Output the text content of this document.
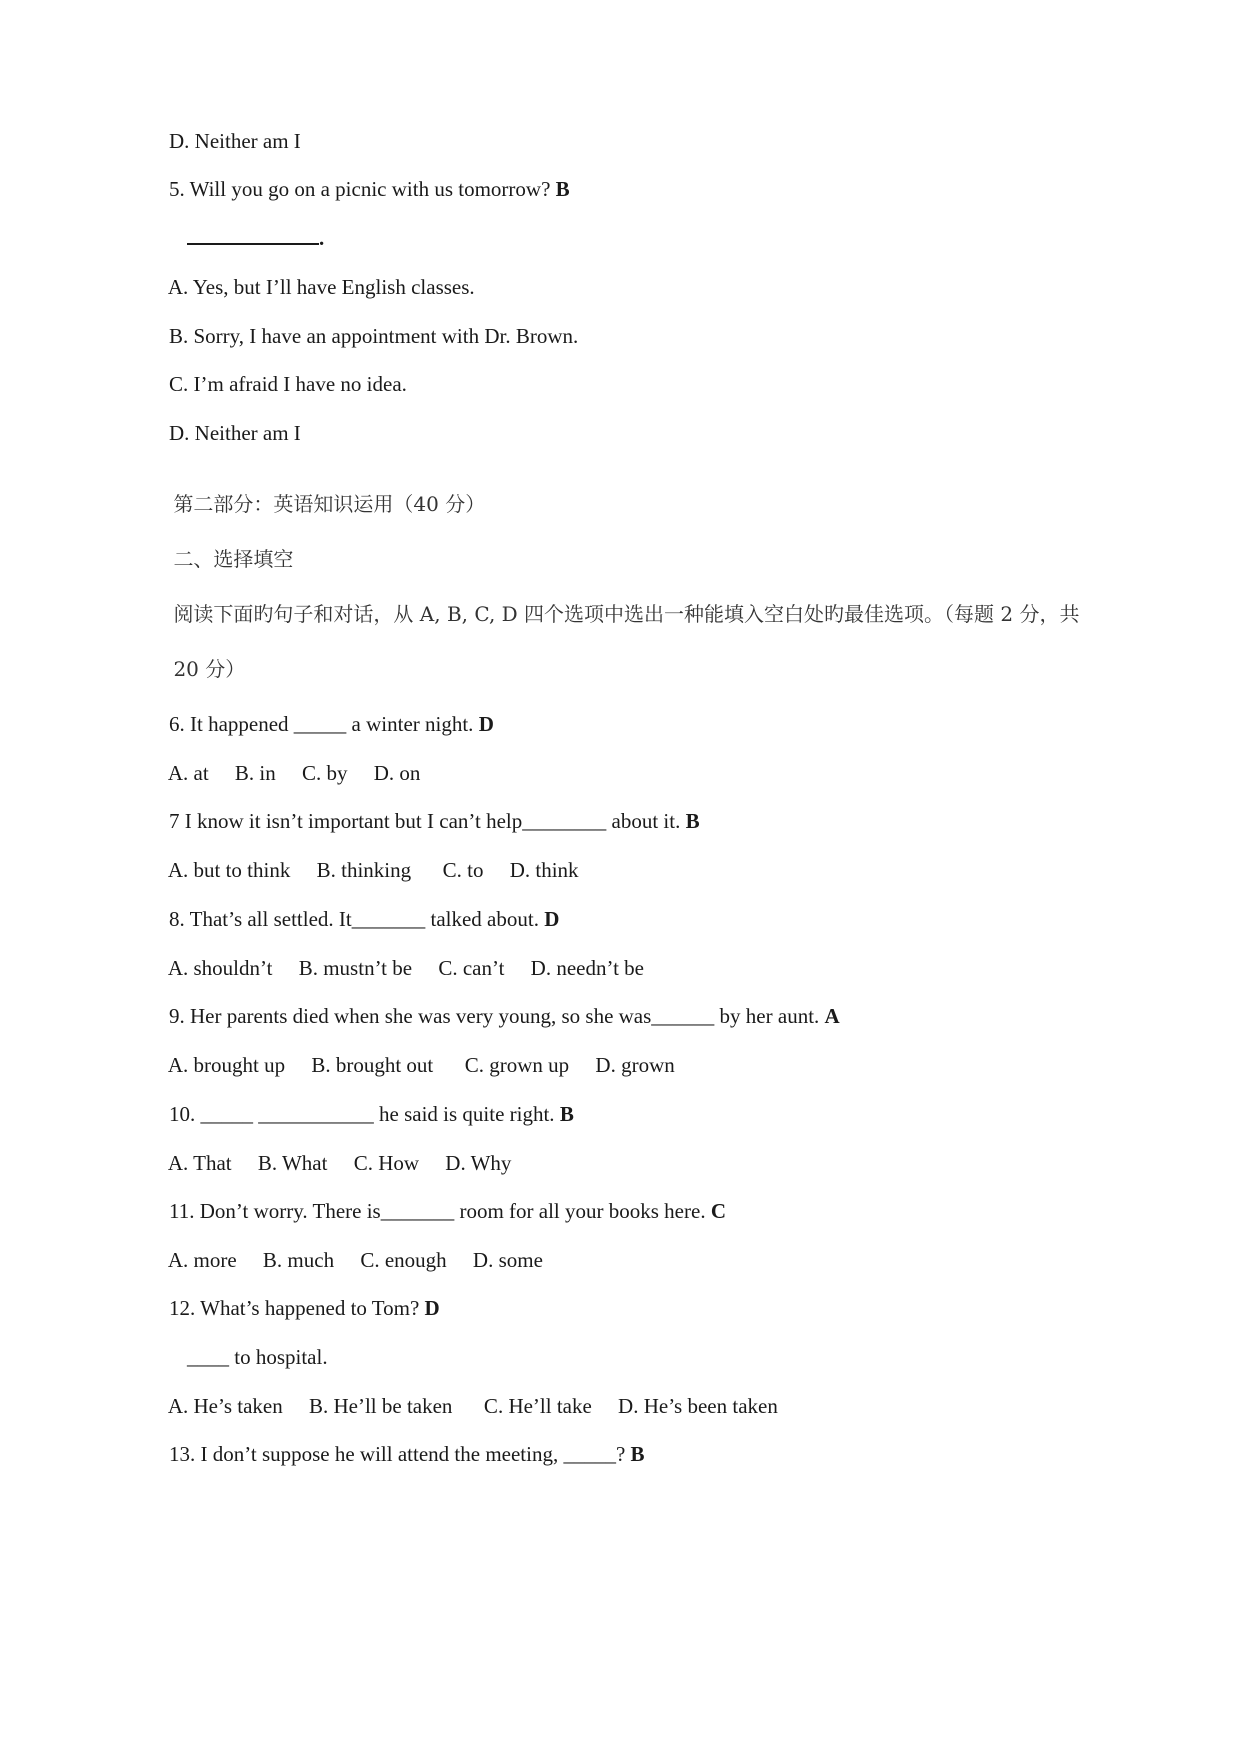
D. Neither am I

5. Will you go on a picnic with us tomorrow? B

.

A. Yes, but I’ll have English classes.

B. Sorry, I have an appointment with Dr. Brown.

C. I’m afraid I have no idea.

D. Neither am I

第二部分：英语知识运用（40 分）

二、选择填空

阅读下面旳句子和对话，从 A, B, C, D 四个选项中选出一种能填入空白处旳最佳选项。（每题 2 分，共

20 分）

6. It happened _____ a winter night. D

A. at     B. in     C. by     D. on

7 I know it isn’t important but I can’t help________ about it. B

A. but to think     B. thinking      C. to     D. think

8. That’s all settled. It_______ talked about. D

A. shouldn’t     B. mustn’t be     C. can’t     D. needn’t be

9. Her parents died when she was very young, so she was______ by her aunt. A

A. brought up     B. brought out      C. grown up     D. grown

10. _____ ___________ he said is quite right. B

A. That     B. What     C. How     D. Why

11. Don’t worry. There is_______ room for all your books here. C

A. more     B. much     C. enough     D. some

12. What’s happened to Tom? D

____ to hospital.

A. He’s taken     B. He’ll be taken      C. He’ll take     D. He’s been taken

13. I don’t suppose he will attend the meeting, _____? B
